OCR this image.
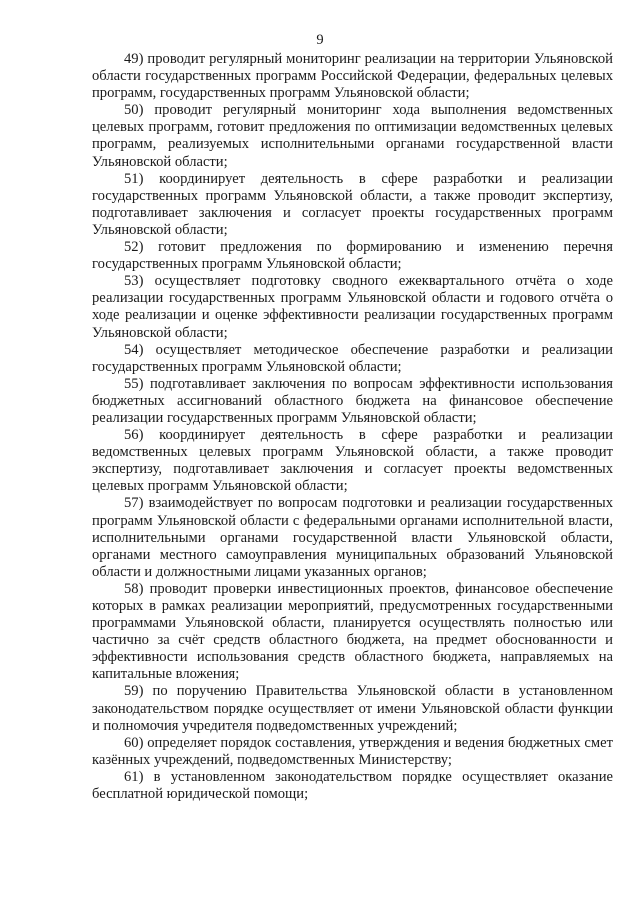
9

49) проводит регулярный мониторинг реализации на территории Ульяновской области государственных программ Российской Федерации, федеральных целевых программ, государственных программ Ульяновской области;

50) проводит регулярный мониторинг хода выполнения ведомственных целевых программ, готовит предложения по оптимизации ведомственных целевых программ, реализуемых исполнительными органами государственной власти Ульяновской области;

51) координирует деятельность в сфере разработки и реализации государственных программ Ульяновской области, а также проводит экспертизу, подготавливает заключения и согласует проекты государственных программ Ульяновской области;

52) готовит предложения по формированию и изменению перечня государственных программ Ульяновской области;

53) осуществляет подготовку сводного ежеквартального отчёта о ходе реализации государственных программ Ульяновской области и годового отчёта о ходе реализации и оценке эффективности реализации государственных программ Ульяновской области;

54) осуществляет методическое обеспечение разработки и реализации государственных программ Ульяновской области;

55) подготавливает заключения по вопросам эффективности использования бюджетных ассигнований областного бюджета на финансовое обеспечение реализации государственных программ Ульяновской области;

56) координирует деятельность в сфере разработки и реализации ведомственных целевых программ Ульяновской области, а также проводит экспертизу, подготавливает заключения и согласует проекты ведомственных целевых программ Ульяновской области;

57) взаимодействует по вопросам подготовки и реализации государственных программ Ульяновской области с федеральными органами исполнительной власти, исполнительными органами государственной власти Ульяновской области, органами местного самоуправления муниципальных образований Ульяновской области и должностными лицами указанных органов;

58) проводит проверки инвестиционных проектов, финансовое обеспечение которых в рамках реализации мероприятий, предусмотренных государственными программами Ульяновской области, планируется осуществлять полностью или частично за счёт средств областного бюджета, на предмет обоснованности и эффективности использования средств областного бюджета, направляемых на капитальные вложения;

59) по поручению Правительства Ульяновской области в установленном законодательством порядке осуществляет от имени Ульяновской области функции и полномочия учредителя подведомственных учреждений;

60) определяет порядок составления, утверждения и ведения бюджетных смет казённых учреждений, подведомственных Министерству;

61) в установленном законодательством порядке осуществляет оказание бесплатной юридической помощи;
